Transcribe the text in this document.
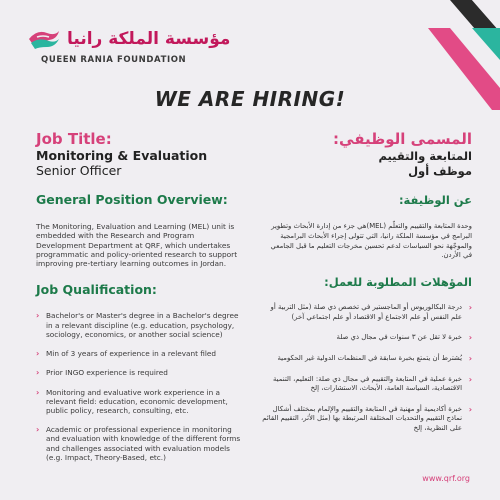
مؤسسة الملكة رانيا
QUEEN RANIA FOUNDATION
WE ARE HIRING!
Job Title:
Monitoring & Evaluation
Senior Officer
General Position Overview:

The Monitoring, Evaluation and Learning (MEL) unit is embedded with the Research and Program Development Department at QRF, which undertakes programmatic and policy-oriented research to support improving pre-tertiary learning outcomes in Jordan.

Job Qualification:
› Bachelor's or Master's degree in a Bachelor's degree in a relevant discipline (e.g. education, psychology, sociology, economics, or another social science)
› Min of 3 years of experience in a relevant filed
› Prior INGO experience is required
› Monitoring and evaluative work experience in a relevant field: education, economic development, public policy, research, consulting, etc.
› Academic or professional experience in monitoring and evaluation with knowledge of the different forms and challenges associated with evaluation models (e.g. Impact, Theory-Based, etc.)
المسمى الوظيفي:
المتابعة والتقييم
موظف أول
عن الوظيفة:

وحدة المتابعة والتقييم والتعلّم (MEL)هي جزء من إدارة الأبحاث وتطوير البرامج في مؤسسة الملكة رانيا، التي تتولى إجراء الأبحاث البرامجية والموجّهة نحو السياسات لدعم تحسين مخرجات التعليم ما قبل الجامعي في الأردن.

المؤهلات المطلوبة للعمل:
‹
درجة البكالوريوس أو الماجستير في تخصص ذي صلة (مثل التربية أو علم النفس أو علم الاجتماع أو الاقتصاد أو علم اجتماعي آخر)
‹
خبرة لا تقل عن ٣ سنوات في مجال ذي صلة
‹
يُشترط أن يتمتع بخبرة سابقة في المنظمات الدولية غير الحكومية
‹
خبرة عملية في المتابعة والتقييم في مجال ذي صلة: التعليم، التنمية الاقتصادية، السياسة العامة، الأبحاث، الاستشارات، إلخ
‹
خبرة أكاديمية أو مهنية في المتابعة والتقييم والإلمام بمختلف أشكال نماذج التقييم والتحديات المختلفة المرتبطة بها (مثل الأثر، التقييم القائم على النظرية، إلخ
www.qrf.org
